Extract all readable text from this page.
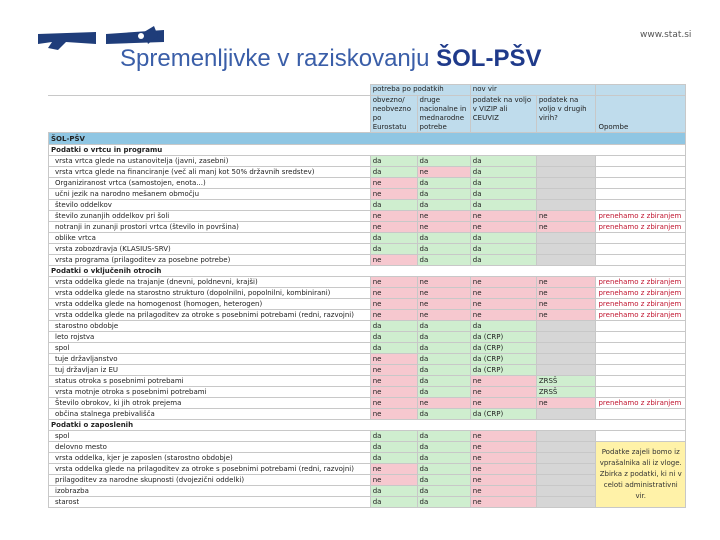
www.stat.si
Spremenljivke v raziskovanju ŠOL-PŠV
	potreba po podatkih		nov vir		
	obvezno/ neobvezno po Eurostatu	druge nacionalne in mednarodne potrebe	podatek na voljo v VIZIP ali CEUVIZ	podatek na voljo v drugih virih?	Opombe
ŠOL-PŠV					
Podatki o vrtcu in programu					
vrsta vrtca glede na ustanovitelja (javni, zasebni)	da	da	da		
vrsta vrtca glede na financiranje (več ali manj kot 50% državnih sredstev)	da	ne	da		
Organiziranost vrtca (samostojen, enota...)	ne	da	da		
učni jezik na narodno mešanem območju	ne	da	da		
število oddelkov	da	da	da		
število zunanjih oddelkov pri šoli	ne	ne	ne	ne	prenehamo z zbiranjem
notranji in zunanji prostori vrtca (število in površina)	ne	ne	ne	ne	prenehamo z zbiranjem
oblike vrtca	da	da	da		
vrsta zobozdravja (KLASIUS-SRV)	da	da	da		
vrsta programa (prilagoditev za posebne potrebe)	ne	da	da		
Podatki o vključenih otrocih					
vrsta oddelka glede na trajanje (dnevni, poldnevni, krajši)	ne	ne	ne	ne	prenehamo z zbiranjem
vrsta oddelka glede na starostno strukturo (dopolnilni, popolnilni, kombinirani)	ne	ne	ne	ne	prenehamo z zbiranjem
vrsta oddelka glede na homogenost (homogen, heterogen)	ne	ne	ne	ne	prenehamo z zbiranjem
vrsta oddelka glede na prilagoditev za otroke s posebnimi potrebami (redni, razvojni)	ne	ne	ne	ne	prenehamo z zbiranjem
starostno obdobje	da	da	da		
leto rojstva	da	da	da (CRP)		
spol	da	da	da (CRP)		
tuje državljanstvo	ne	da	da (CRP)		
tuj državljan iz EU	ne	da	da (CRP)		
status otroka s posebnimi potrebami	ne	da	ne	ZRSŠ	
vrsta motnje otroka s posebnimi potrebami	ne	da	ne	ZRSŠ	
Število obrokov, ki jih otrok prejema	ne	ne	ne	ne	prenehamo z zbiranjem
občina stalnega prebivališča	ne	da	da (CRP)		
Podatki o zaposlenih					
spol	da	da	ne		
delovno mesto	da	da	ne		Podatke zajeli bomo iz vprašalnika ali iz vloge. Zbirka z podatki, ki ni v celoti administrativni vir.
vrsta oddelka, kjer je zaposlen (starostno obdobje)	da	da	ne		
vrsta oddelka glede na prilagoditev za otroke s posebnimi potrebami (redni, razvojni)	ne	da	ne		
prilagoditev za narodne skupnosti (dvojezični oddelki)	ne	da	ne		
izobrazba	da	da	ne		
starost	da	da	ne		
